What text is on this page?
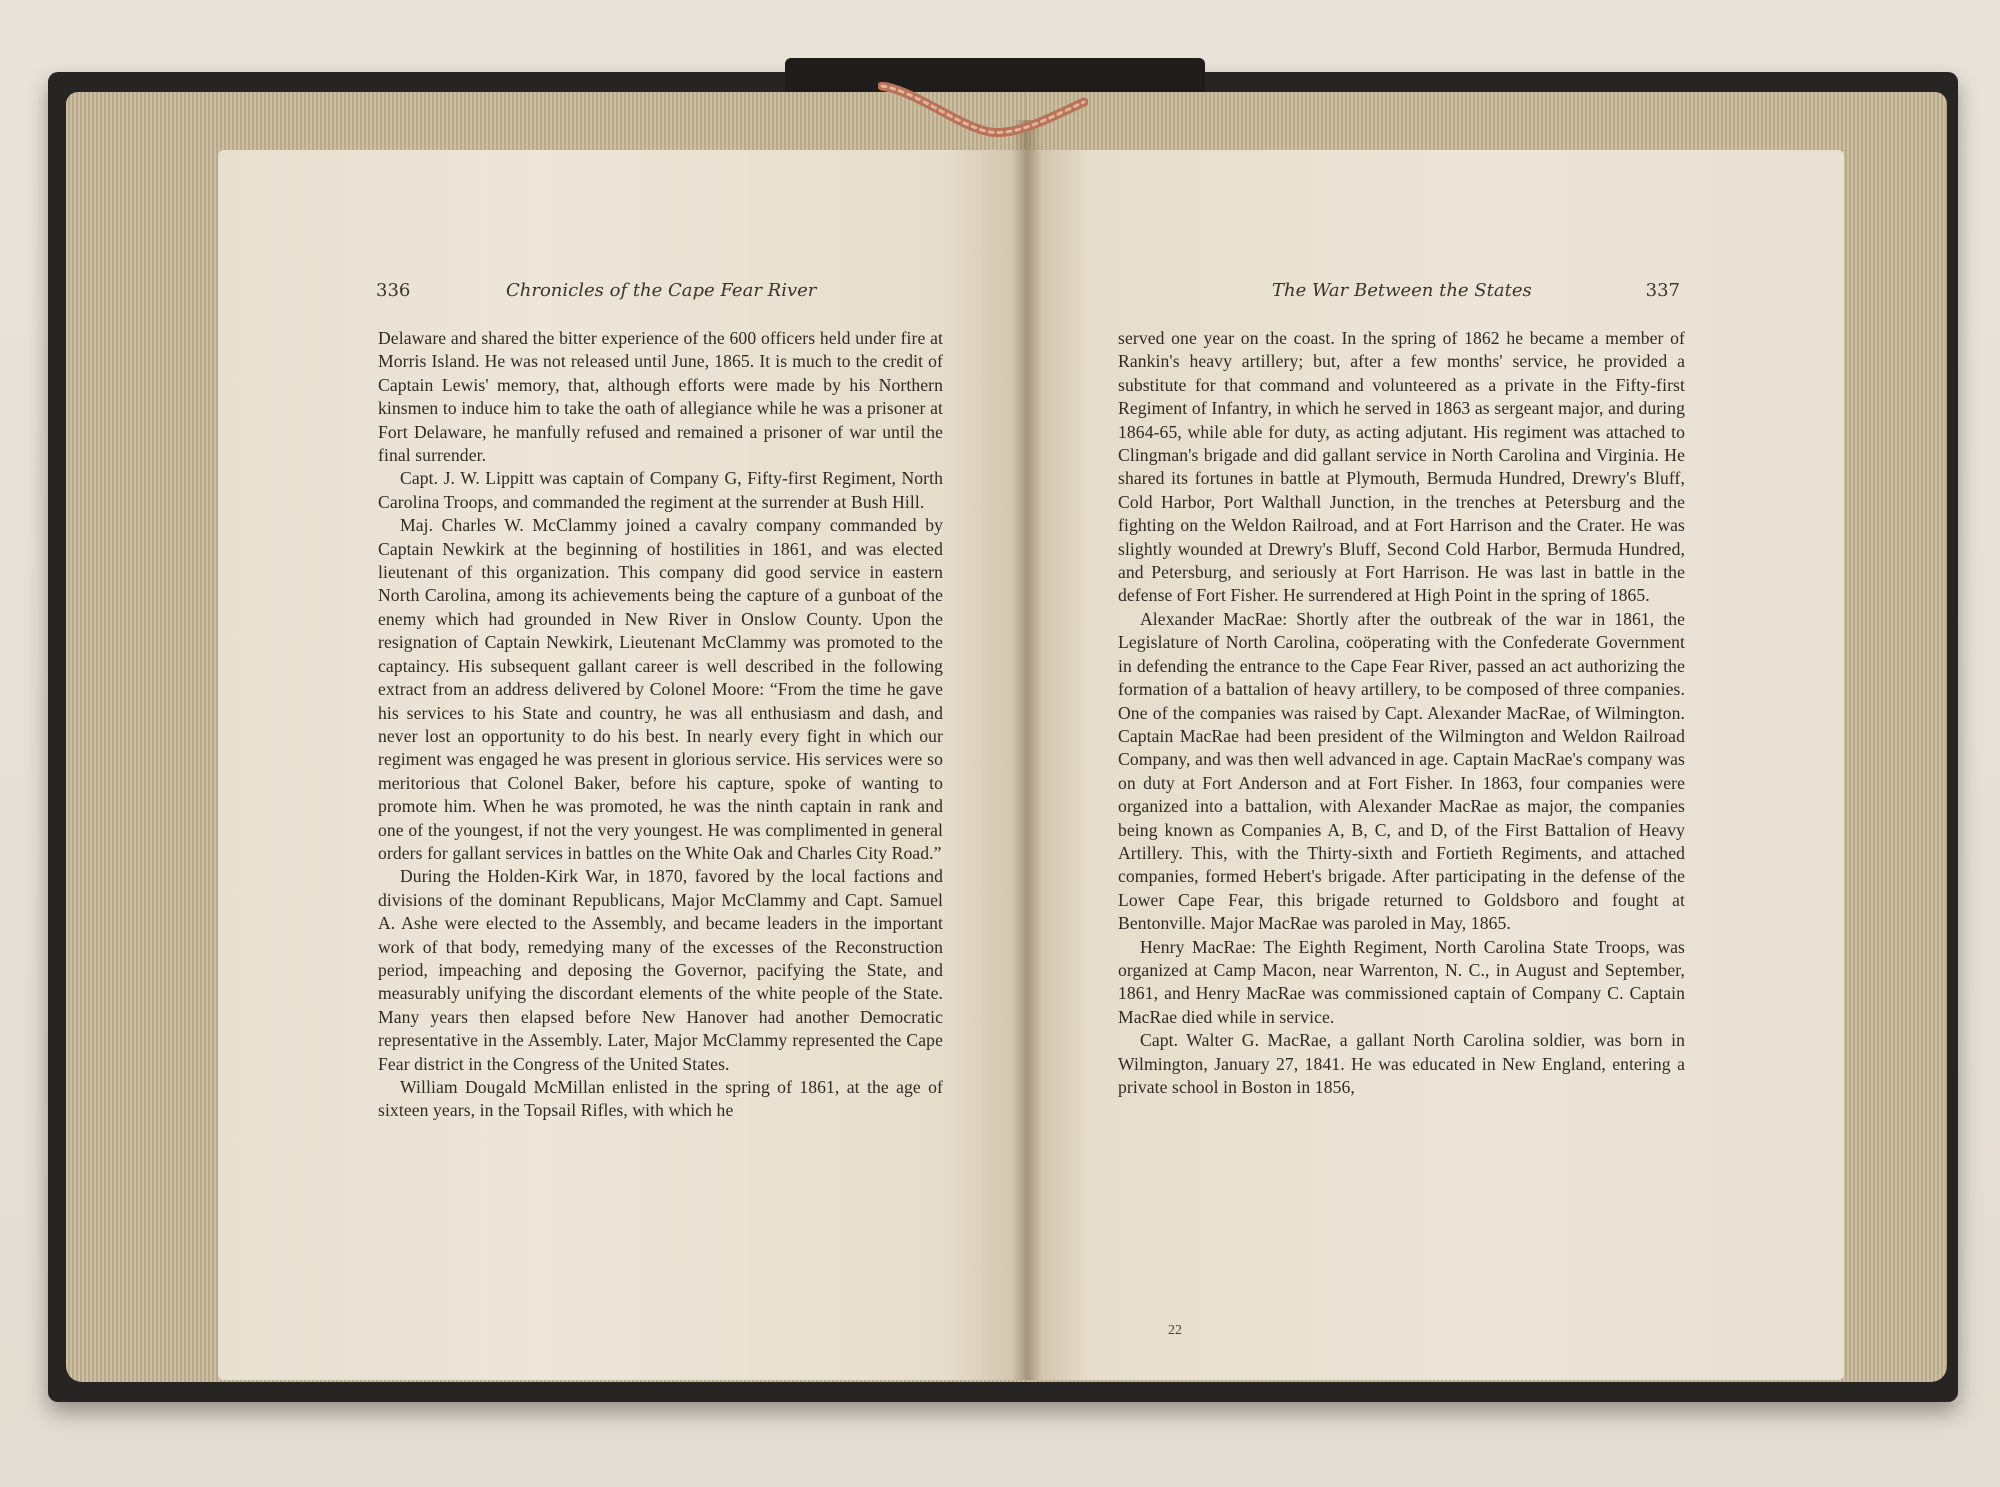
336	Chronicles of the Cape Fear River

Delaware and shared the bitter experience of the 600 officers held under fire at Morris Island. He was not released until June, 1865. It is much to the credit of Captain Lewis' memory, that, although efforts were made by his Northern kinsmen to induce him to take the oath of allegiance while he was a prisoner at Fort Delaware, he manfully refused and remained a prisoner of war until the final surrender.

Capt. J. W. Lippitt was captain of Company G, Fifty-first Regiment, North Carolina Troops, and commanded the regiment at the surrender at Bush Hill.

Maj. Charles W. McClammy joined a cavalry company commanded by Captain Newkirk at the beginning of hostilities in 1861, and was elected lieutenant of this organization. This company did good service in eastern North Carolina, among its achievements being the capture of a gunboat of the enemy which had grounded in New River in Onslow County. Upon the resignation of Captain Newkirk, Lieutenant McClammy was promoted to the captaincy. His subsequent gallant career is well described in the following extract from an address delivered by Colonel Moore: “From the time he gave his services to his State and country, he was all enthusiasm and dash, and never lost an opportunity to do his best. In nearly every fight in which our regiment was engaged he was present in glorious service. His services were so meritorious that Colonel Baker, before his capture, spoke of wanting to promote him. When he was promoted, he was the ninth captain in rank and one of the youngest, if not the very youngest. He was complimented in general orders for gallant services in battles on the White Oak and Charles City Road.”

During the Holden-Kirk War, in 1870, favored by the local factions and divisions of the dominant Republicans, Major McClammy and Capt. Samuel A. Ashe were elected to the Assembly, and became leaders in the important work of that body, remedying many of the excesses of the Reconstruction period, impeaching and deposing the Governor, pacifying the State, and measurably unifying the discordant elements of the white people of the State. Many years then elapsed before New Hanover had another Democratic representative in the Assembly. Later, Major McClammy represented the Cape Fear district in the Congress of the United States.

William Dougald McMillan enlisted in the spring of 1861, at the age of sixteen years, in the Topsail Rifles, with which he

The War Between the States	337

served one year on the coast. In the spring of 1862 he became a member of Rankin's heavy artillery; but, after a few months' service, he provided a substitute for that command and volunteered as a private in the Fifty-first Regiment of Infantry, in which he served in 1863 as sergeant major, and during 1864-65, while able for duty, as acting adjutant. His regiment was attached to Clingman's brigade and did gallant service in North Carolina and Virginia. He shared its fortunes in battle at Plymouth, Bermuda Hundred, Drewry's Bluff, Cold Harbor, Port Walthall Junction, in the trenches at Petersburg and the fighting on the Weldon Railroad, and at Fort Harrison and the Crater. He was slightly wounded at Drewry's Bluff, Second Cold Harbor, Bermuda Hundred, and Petersburg, and seriously at Fort Harrison. He was last in battle in the defense of Fort Fisher. He surrendered at High Point in the spring of 1865.

Alexander MacRae: Shortly after the outbreak of the war in 1861, the Legislature of North Carolina, coöperating with the Confederate Government in defending the entrance to the Cape Fear River, passed an act authorizing the formation of a battalion of heavy artillery, to be composed of three companies. One of the companies was raised by Capt. Alexander MacRae, of Wilmington. Captain MacRae had been president of the Wilmington and Weldon Railroad Company, and was then well advanced in age. Captain MacRae's company was on duty at Fort Anderson and at Fort Fisher. In 1863, four companies were organized into a battalion, with Alexander MacRae as major, the companies being known as Companies A, B, C, and D, of the First Battalion of Heavy Artillery. This, with the Thirty-sixth and Fortieth Regiments, and attached companies, formed Hebert's brigade. After participating in the defense of the Lower Cape Fear, this brigade returned to Goldsboro and fought at Bentonville. Major MacRae was paroled in May, 1865.

Henry MacRae: The Eighth Regiment, North Carolina State Troops, was organized at Camp Macon, near Warrenton, N. C., in August and September, 1861, and Henry MacRae was commissioned captain of Company C. Captain MacRae died while in service.

Capt. Walter G. MacRae, a gallant North Carolina soldier, was born in Wilmington, January 27, 1841. He was educated in New England, entering a private school in Boston in 1856,

22
